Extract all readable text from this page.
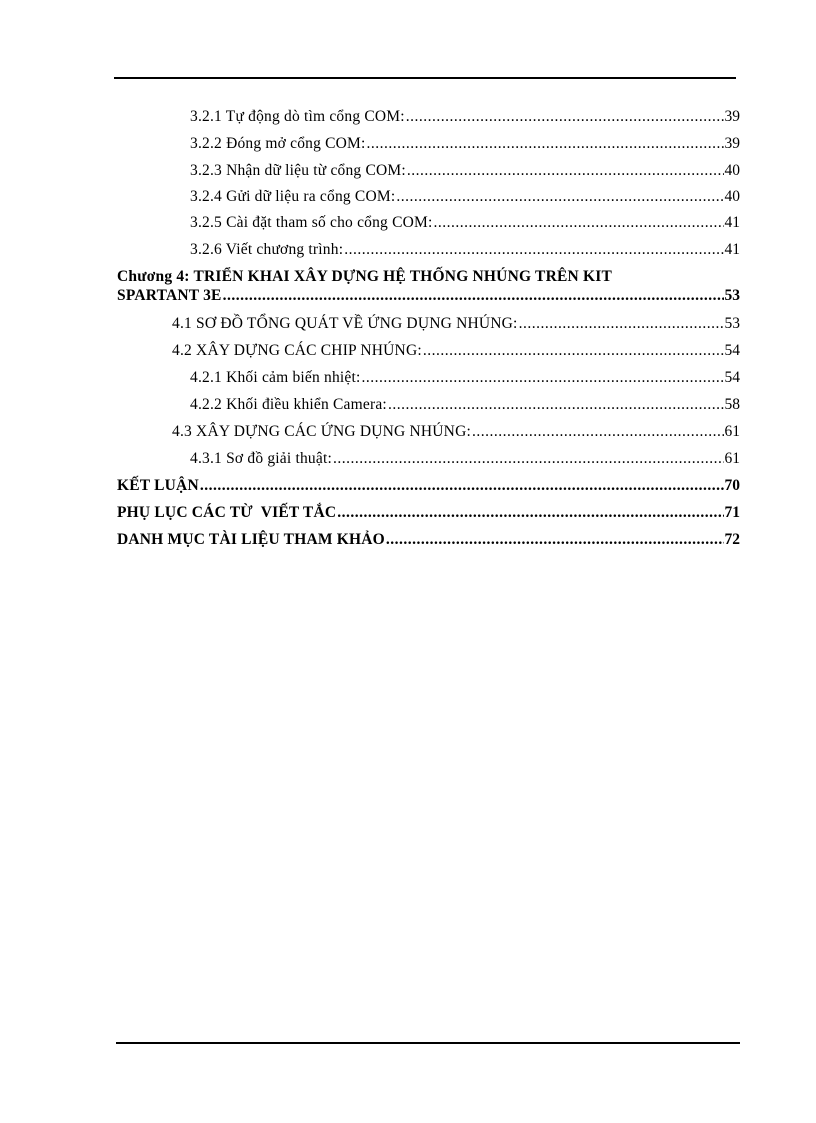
3.2.1 Tự động dò tìm cổng COM: .....	39
3.2.2 Đóng mở cổng COM: .....	39
3.2.3 Nhận dữ liệu từ cổng COM: .....	40
3.2.4 Gửi dữ liệu ra cổng COM: .....	40
3.2.5 Cài đặt tham số cho cổng COM: .....	41
3.2.6 Viết chương trình: .....	41
Chương 4: TRIỂN KHAI XÂY DỰNG HỆ THỐNG NHÚNG TRÊN KIT
SPARTANT 3E .....	53
4.1 SƠ ĐỒ TỔNG QUÁT VỀ ỨNG DỤNG NHÚNG: .....	53
4.2 XÂY DỰNG CÁC CHIP NHÚNG: .....	54
4.2.1 Khối cảm biến nhiệt: .....	54
4.2.2 Khối điều khiển Camera: .....	58
4.3 XÂY DỰNG CÁC ỨNG DỤNG NHÚNG: .....	61
4.3.1 Sơ đồ giải thuật: .....	61
KẾT LUẬN .....	70
PHỤ LỤC CÁC TỪ  VIẾT TẮC .....	71
DANH MỤC TÀI LIỆU THAM KHẢO .....	72
